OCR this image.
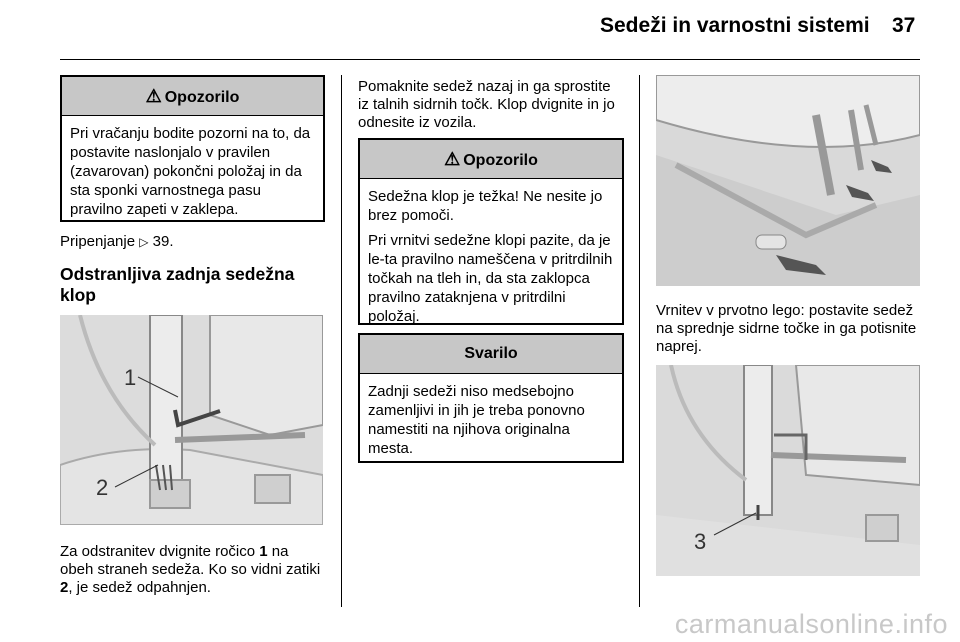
Sedeži in varnostni sistemi 37
⚠ Opozorilo

Pri vračanju bodite pozorni na to, da postavite naslonjalo v pravilen (zavarovan) pokončni položaj in da sta sponki varnostnega pasu pravilno zapeti v zaklepa.

Pripenjanje ▷ 39.

Odstranljiva zadnja sedežna klop
1
2

Za odstranitev dvignite ročico 1 na obeh straneh sedeža. Ko so vidni zatiki 2, je sedež odpahnjen.

Pomaknite sedež nazaj in ga sprostite iz talnih sidrnih točk. Klop dvignite in jo odnesite iz vozila.

⚠ Opozorilo

Sedežna klop je težka! Ne nesite jo brez pomoči.

Pri vrnitvi sedežne klopi pazite, da je le-ta pravilno nameščena v pritrdilnih točkah na tleh in, da sta zaklopca pravilno zataknjena v pritrdilni položaj.

Svarilo

Zadnji sedeži niso medsebojno zamenljivi in jih je treba ponovno namestiti na njihova originalna mesta.

Vrnitev v prvotno lego: postavite sedež na sprednje sidrne točke in ga potisnite naprej.

3
carmanualsonline.info
